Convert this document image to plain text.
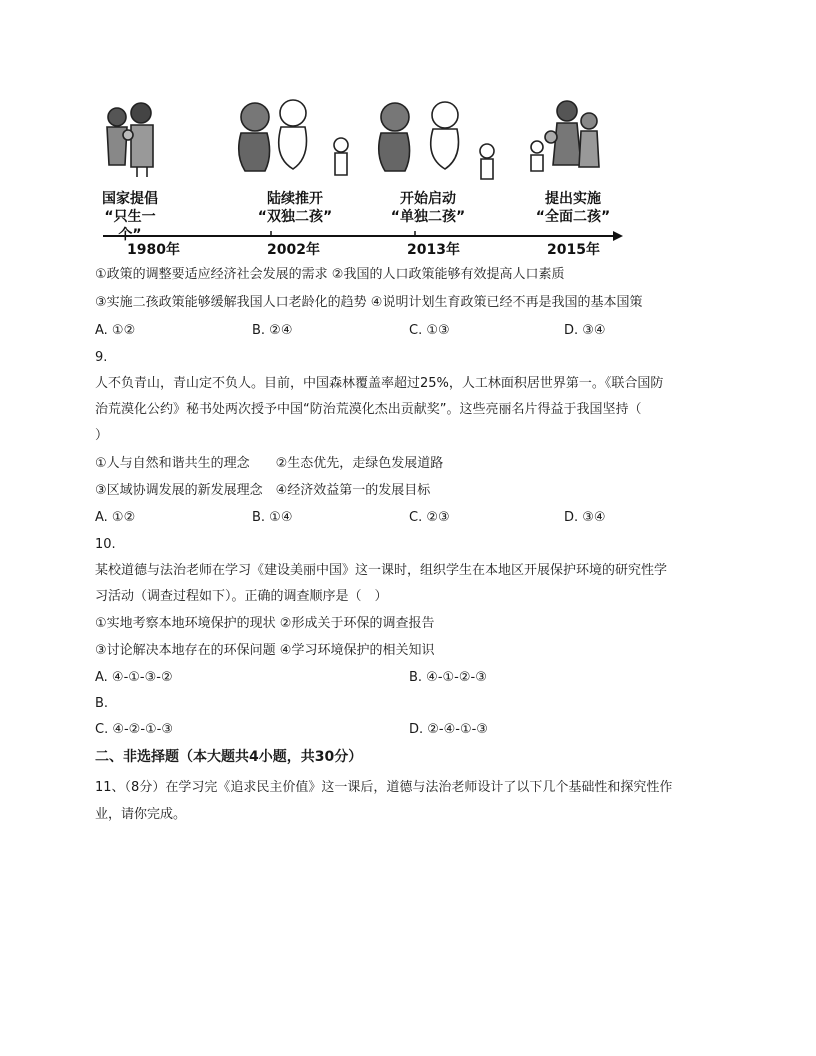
国家提倡
“只生一个”
陆续推开
“双独二孩”
开始启动
“单独二孩”
提出实施
“全面二孩”
1980年	2002年	2013年	2015年
①政策的调整要适应经济社会发展的需求 ②我国的人口政策能够有效提高人口素质
③实施二孩政策能够缓解我国人口老龄化的趋势 ④说明计划生育政策已经不再是我国的基本国策
A. ①②	B. ②④	C. ①③	D. ③④
9.
人不负青山，青山定不负人。目前，中国森林覆盖率超过25%，人工林面积居世界第一。《联合国防
治荒漠化公约》秘书处两次授予中国“防治荒漠化杰出贡献奖”。这些亮丽名片得益于我国坚持（
）
①人与自然和谐共生的理念　　②生态优先，走绿色发展道路
③区域协调发展的新发展理念　④经济效益第一的发展目标
A. ①②	B. ①④	C. ②③	D. ③④
10.
某校道德与法治老师在学习《建设美丽中国》这一课时，组织学生在本地区开展保护环境的研究性学
习活动（调查过程如下）。正确的调查顺序是（　）
①实地考察本地环境保护的现状 ②形成关于环保的调查报告
③讨论解决本地存在的环保问题 ④学习环境保护的相关知识
A. ④-①-③-②	B. ④-①-②-③
B.
C. ④-②-①-③	D. ②-④-①-③
二、非选择题（本大题共4小题，共30分）
11、（8分）在学习完《追求民主价值》这一课后，道德与法治老师设计了以下几个基础性和探究性作
业，请你完成。
